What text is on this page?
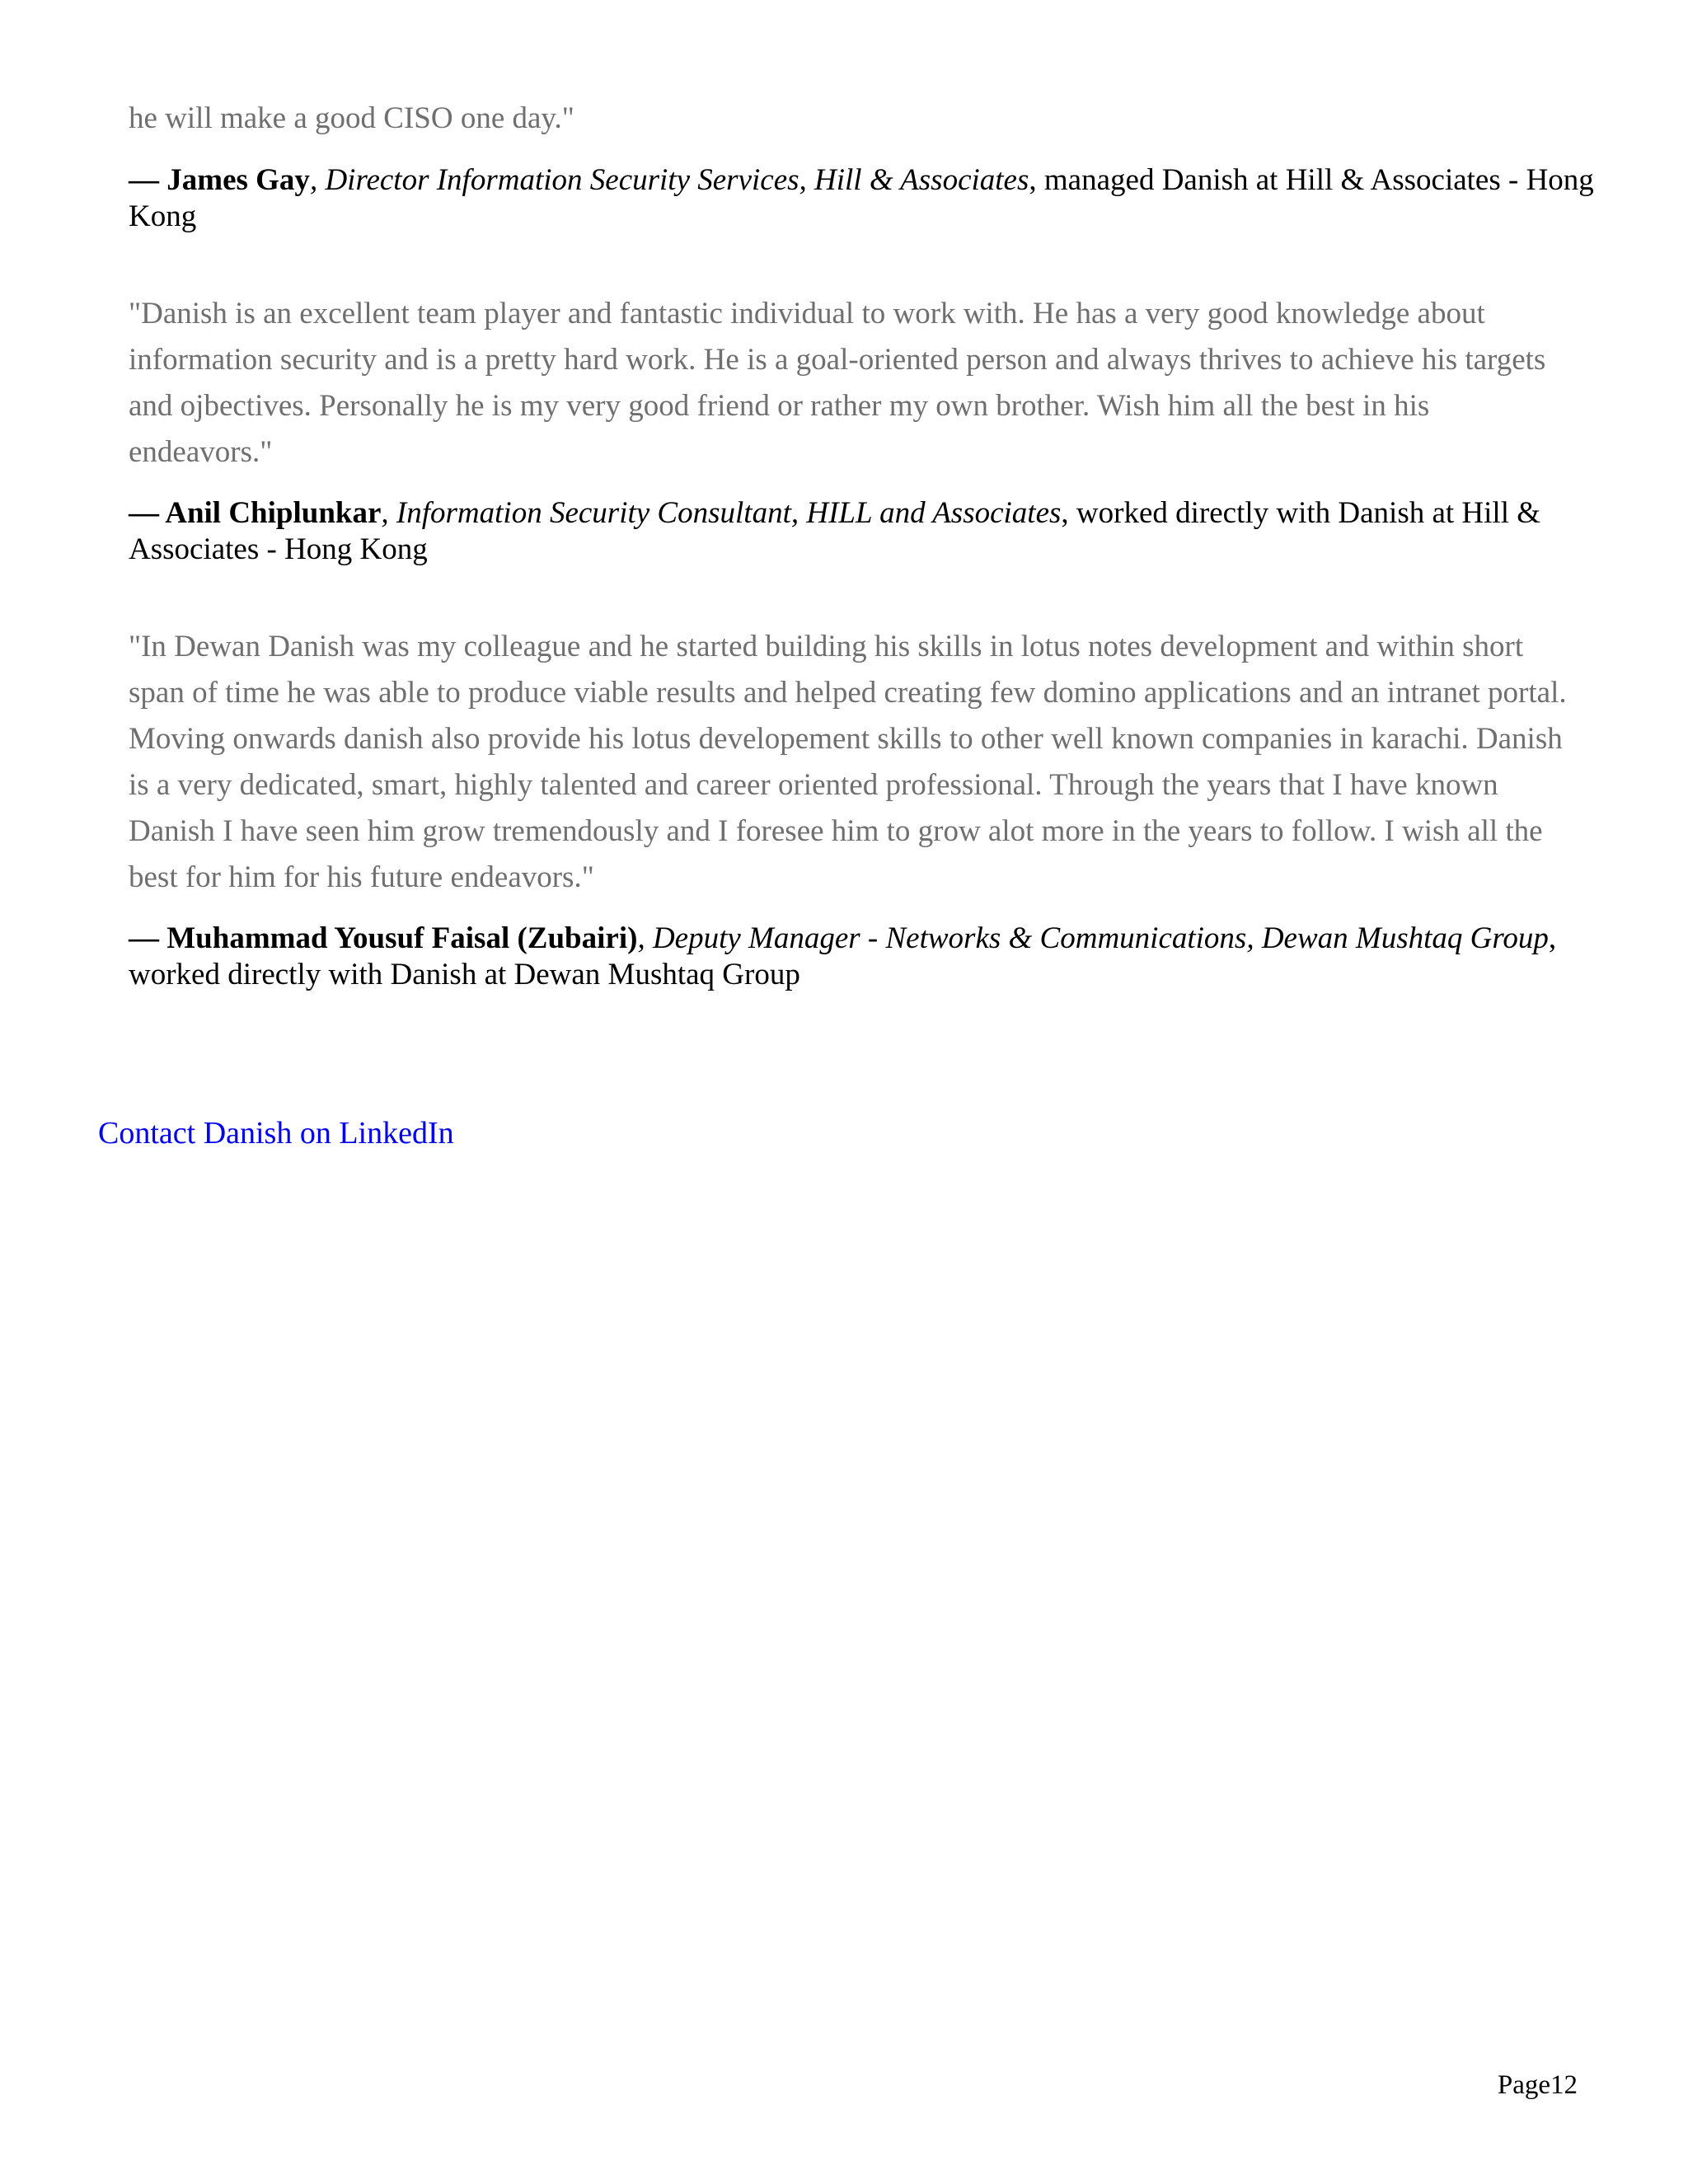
he will make a good CISO one day."

— James Gay, Director Information Security Services, Hill & Associates, managed Danish at Hill & Associates - Hong Kong

"Danish is an excellent team player and fantastic individual to work with. He has a very good knowledge about information security and is a pretty hard work. He is a goal-oriented person and always thrives to achieve his targets and ojbectives. Personally he is my very good friend or rather my own brother. Wish him all the best in his endeavors."

— Anil Chiplunkar, Information Security Consultant, HILL and Associates, worked directly with Danish at Hill & Associates - Hong Kong

"In Dewan Danish was my colleague and he started building his skills in lotus notes development and within short span of time he was able to produce viable results and helped creating few domino applications and an intranet portal. Moving onwards danish also provide his lotus developement skills to other well known companies in karachi. Danish is a very dedicated, smart, highly talented and career oriented professional. Through the years that I have known Danish I have seen him grow tremendously and I foresee him to grow alot more in the years to follow. I wish all the best for him for his future endeavors."

— Muhammad Yousuf Faisal (Zubairi), Deputy Manager - Networks & Communications, Dewan Mushtaq Group, worked directly with Danish at Dewan Mushtaq Group

Contact Danish on LinkedIn
Page12
